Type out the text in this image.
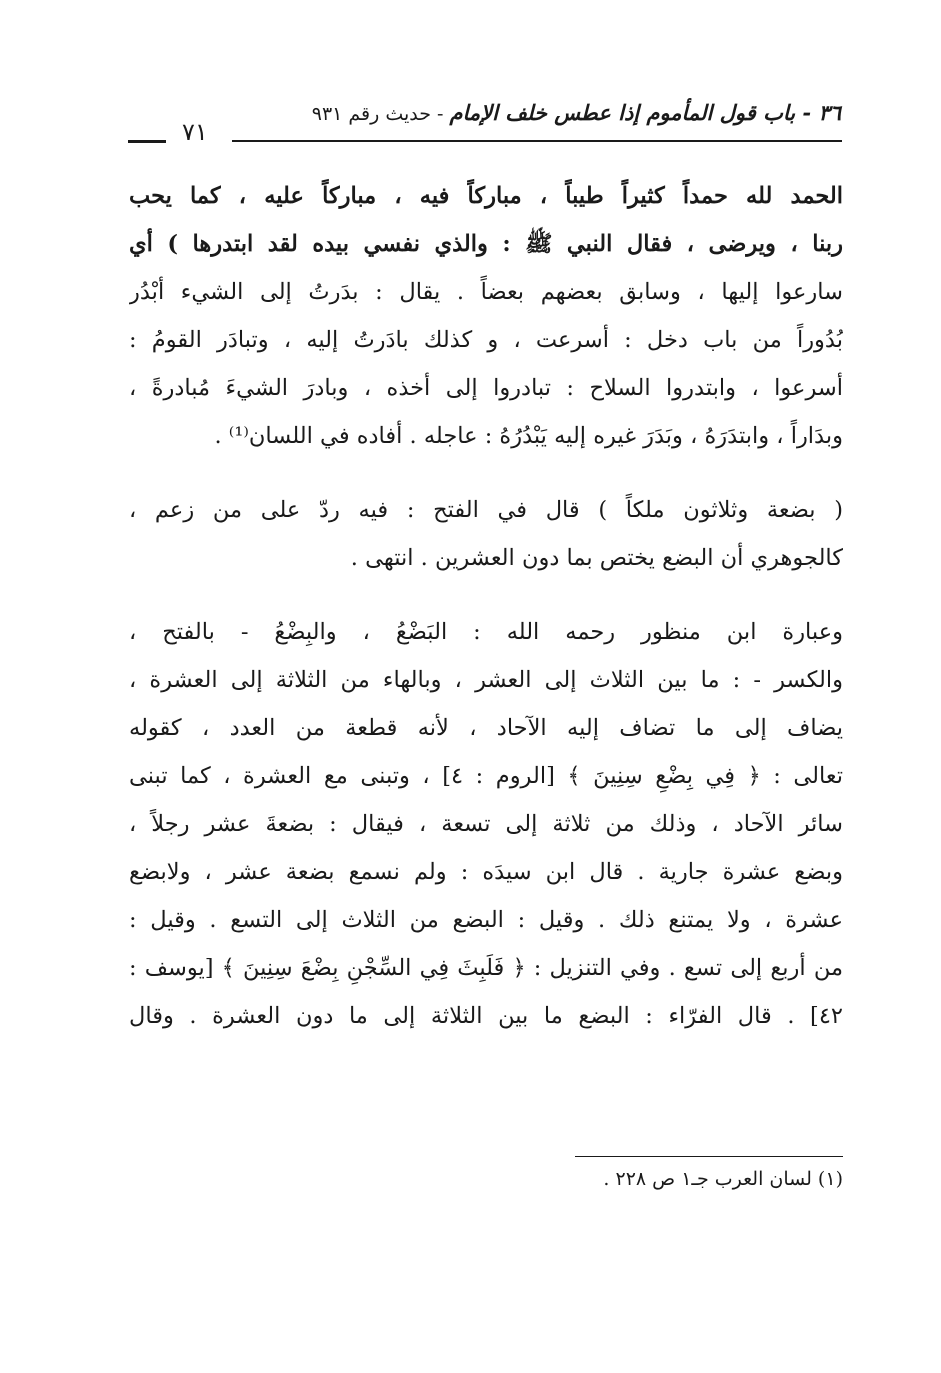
٣٦ - باب قول المأموم إذا عطس خلف الإمام - حديث رقم ٩٣١
٧١
الحمد لله حمداً كثيراً طيباً ، مباركاً فيه ، مباركاً عليه ، كما يحب
ربنا ، ويرضى ، فقال النبي ﷺ : والذي نفسي بيده لقد ابتدرها ) أي
سارعوا إليها ، وسابق بعضهم بعضاً . يقال : بدَرتُ إلى الشيء أبْدُر
بُدُوراً من باب دخل : أسرعت ، و كذلك بادَرتُ إليه ، وتبادَر القومُ :
أسرعوا ، وابتدروا السلاح : تبادروا إلى أخذه ، وبادرَ الشيءَ مُبادرةً ،
وبدَاراً ، وابتدَرَهُ ، وبَدَرَ غيره إليه يَبْدُرُهُ : عاجله . أفاده في اللسان⁽¹⁾ .
( بضعة وثلاثون ملكاً ) قال في الفتح : فيه ردّ على من زعم ،
كالجوهري أن البضع يختص بما دون العشرين . انتهى .
وعبارة ابن منظور رحمه الله : البَضْعُ ، والبِضْعُ - بالفتح ،
والكسر - : ما بين الثلاث إلى العشر ، وبالهاء من الثلاثة إلى العشرة ،
يضاف إلى ما تضاف إليه الآحاد ، لأنه قطعة من العدد ، كقوله
تعالى : ﴿ فِي بِضْعِ سِنِينَ ﴾ [الروم : ٤] ، وتبنى مع العشرة ، كما تبنى
سائر الآحاد ، وذلك من ثلاثة إلى تسعة ، فيقال : بضعةَ عشر رجلاً ،
وبضع عشرة جارية . قال ابن سيدَه : ولم نسمع بضعة عشر ، ولابضع
عشرة ، ولا يمتنع ذلك . وقيل : البضع من الثلاث إلى التسع . وقيل :
من أربع إلى تسع . وفي التنزيل : ﴿ فَلَبِثَ فِي السِّجْنِ بِضْعَ سِنِينَ ﴾ [يوسف :
٤٢] . قال الفرّاء : البضع ما بين الثلاثة إلى ما دون العشرة . وقال
(١) لسان العرب جـ١ ص ٢٢٨ .
